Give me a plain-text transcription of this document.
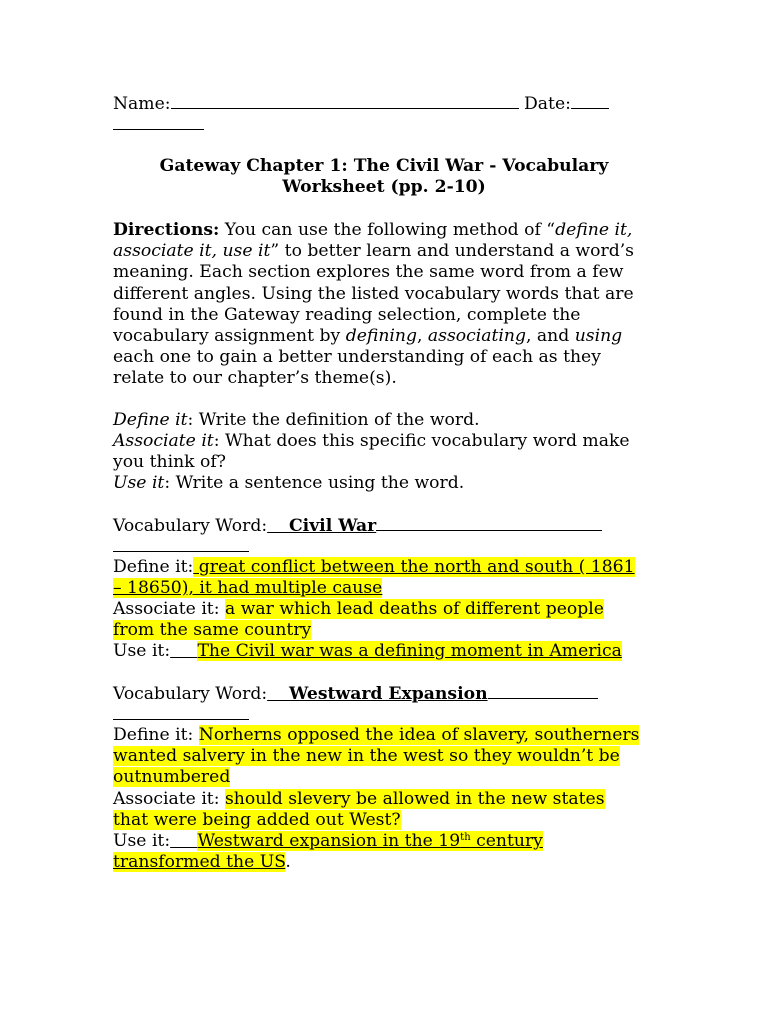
Name:	Date:
Gateway Chapter 1: The Civil War - Vocabulary
Worksheet (pp. 2-10)
Directions: You can use the following method of “define it,
associate it, use it” to better learn and understand a word’s
meaning. Each section explores the same word from a few
different angles. Using the listed vocabulary words that are
found in the Gateway reading selection, complete the
vocabulary assignment by defining, associating, and using
each one to gain a better understanding of each as they
relate to our chapter’s theme(s).
Define it: Write the definition of the word.
Associate it: What does this specific vocabulary word make
you think of?
Use it: Write a sentence using the word.
Vocabulary Word: Civil War
Define it: great conflict between the north and south ( 1861
– 18650), it had multiple cause
Associate it: a war which lead deaths of different people
from the same country
Use it: The Civil war was a defining moment in America
Vocabulary Word: Westward Expansion
Define it: Norherns opposed the idea of slavery, southerners
wanted salvery in the new in the west so they wouldn’t be
outnumbered
Associate it: should slevery be allowed in the new states
that were being added out West?
Use it: Westward expansion in the 19th century
transformed the US.
